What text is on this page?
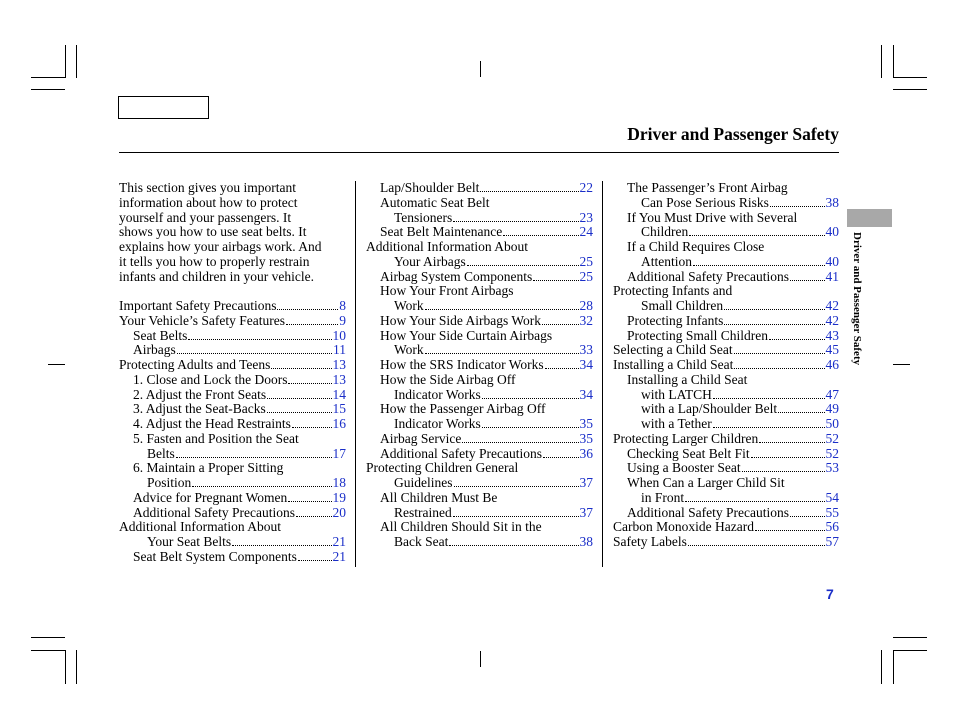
Driver and Passenger Safety
This section gives you important
information about how to protect
yourself and your passengers. It
shows you how to use seat belts. It
explains how your airbags work. And
it tells you how to properly restrain
infants and children in your vehicle.
Important Safety Precautions	8
Your Vehicle’s Safety Features	9
Seat Belts	10
Airbags	11
Protecting Adults and Teens	13
1. Close and Lock the Doors	13
2. Adjust the Front Seats	14
3. Adjust the Seat-Backs	15
4. Adjust the Head Restraints	16
5. Fasten and Position the Seat
Belts	17
6. Maintain a Proper Sitting
Position	18
Advice for Pregnant Women	19
Additional Safety Precautions	20
Additional Information About
Your Seat Belts	21
Seat Belt System Components	21
Lap/Shoulder Belt	22
Automatic Seat Belt
Tensioners	23
Seat Belt Maintenance	24
Additional Information About
Your Airbags	25
Airbag System Components	25
How Your Front Airbags
Work	28
How Your Side Airbags Work	32
How Your Side Curtain Airbags
Work	33
How the SRS Indicator Works	34
How the Side Airbag Off
Indicator Works	34
How the Passenger Airbag Off
Indicator Works	35
Airbag Service	35
Additional Safety Precautions	36
Protecting Children General
Guidelines	37
All Children Must Be
Restrained	37
All Children Should Sit in the
Back Seat	38
The Passenger’s Front Airbag
Can Pose Serious Risks	38
If You Must Drive with Several
Children	40
If a Child Requires Close
Attention	40
Additional Safety Precautions	41
Protecting Infants and
Small Children	42
Protecting Infants	42
Protecting Small Children	43
Selecting a Child Seat	45
Installing a Child Seat	46
Installing a Child Seat
with LATCH	47
with a Lap/Shoulder Belt	49
with a Tether	50
Protecting Larger Children	52
Checking Seat Belt Fit	52
Using a Booster Seat	53
When Can a Larger Child Sit
in Front	54
Additional Safety Precautions	55
Carbon Monoxide Hazard	56
Safety Labels	57
Driver and Passenger Safety
7
